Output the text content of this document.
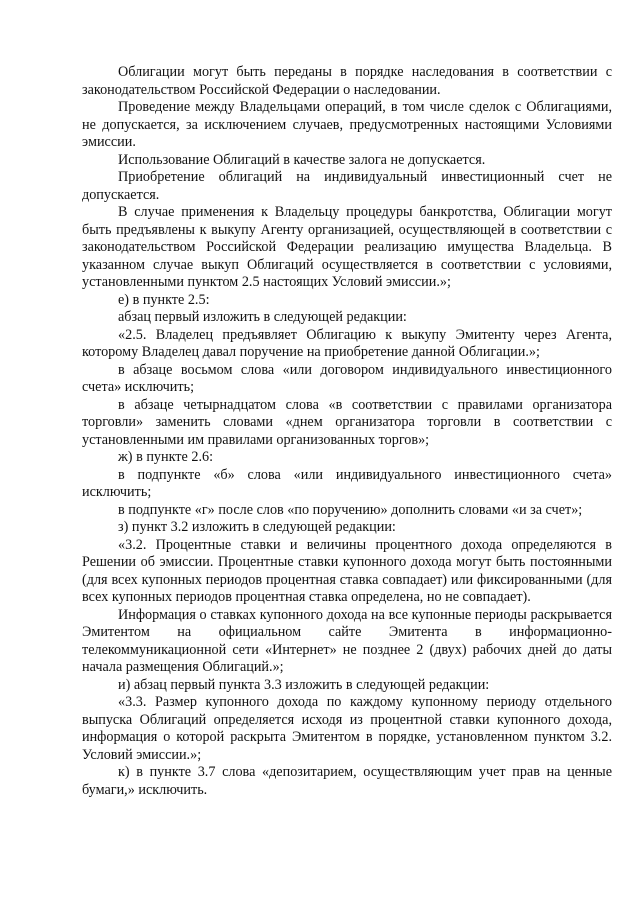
Облигации могут быть переданы в порядке наследования в соответствии с законодательством Российской Федерации о наследовании.

Проведение между Владельцами операций, в том числе сделок с Облигациями, не допускается, за исключением случаев, предусмотренных настоящими Условиями эмиссии.

Использование Облигаций в качестве залога не допускается.

Приобретение облигаций на индивидуальный инвестиционный счет не допускается.

В случае применения к Владельцу процедуры банкротства, Облигации могут быть предъявлены к выкупу Агенту организацией, осуществляющей в соответствии с законодательством Российской Федерации реализацию имущества Владельца. В указанном случае выкуп Облигаций осуществляется в соответствии с условиями, установленными пунктом 2.5 настоящих Условий эмиссии.»;

е) в пункте 2.5:

абзац первый изложить в следующей редакции:

«2.5. Владелец предъявляет Облигацию к выкупу Эмитенту через Агента, которому Владелец давал поручение на приобретение данной Облигации.»;

в абзаце восьмом слова «или договором индивидуального инвестиционного счета» исключить;

в абзаце четырнадцатом слова «в соответствии с правилами организатора торговли» заменить словами «днем организатора торговли в соответствии с установленными им правилами организованных торгов»;

ж) в пункте 2.6:

в подпункте «б» слова «или индивидуального инвестиционного счета» исключить;

в подпункте «г» после слов «по поручению» дополнить словами «и за счет»;

з) пункт 3.2 изложить в следующей редакции:

«3.2. Процентные ставки и величины процентного дохода определяются в Решении об эмиссии. Процентные ставки купонного дохода могут быть постоянными (для всех купонных периодов процентная ставка совпадает) или фиксированными (для всех купонных периодов процентная ставка определена, но не совпадает).

Информация о ставках купонного дохода на все купонные периоды раскрывается Эмитентом на официальном сайте Эмитента в информационно-телекоммуникационной сети «Интернет» не позднее 2 (двух) рабочих дней до даты начала размещения Облигаций.»;

и) абзац первый пункта 3.3 изложить в следующей редакции:

«3.3. Размер купонного дохода по каждому купонному периоду отдельного выпуска Облигаций определяется исходя из процентной ставки купонного дохода, информация о которой раскрыта Эмитентом в порядке, установленном пунктом 3.2. Условий эмиссии.»;

к) в пункте 3.7 слова «депозитарием, осуществляющим учет прав на ценные бумаги,» исключить.
